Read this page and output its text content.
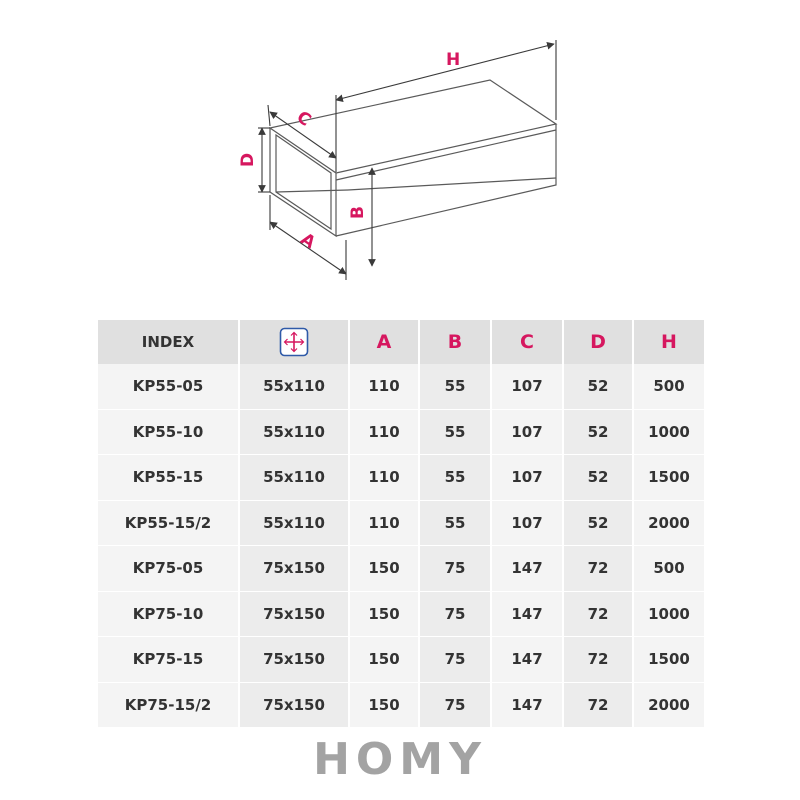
H
C
D
B
A
INDEX		A	B	C	D	H
KP55-05	55x110	110	55	107	52	500
KP55-10	55x110	110	55	107	52	1000
KP55-15	55x110	110	55	107	52	1500
KP55-15/2	55x110	110	55	107	52	2000
KP75-05	75x150	150	75	147	72	500
KP75-10	75x150	150	75	147	72	1000
KP75-15	75x150	150	75	147	72	1500
KP75-15/2	75x150	150	75	147	72	2000
HOMY
